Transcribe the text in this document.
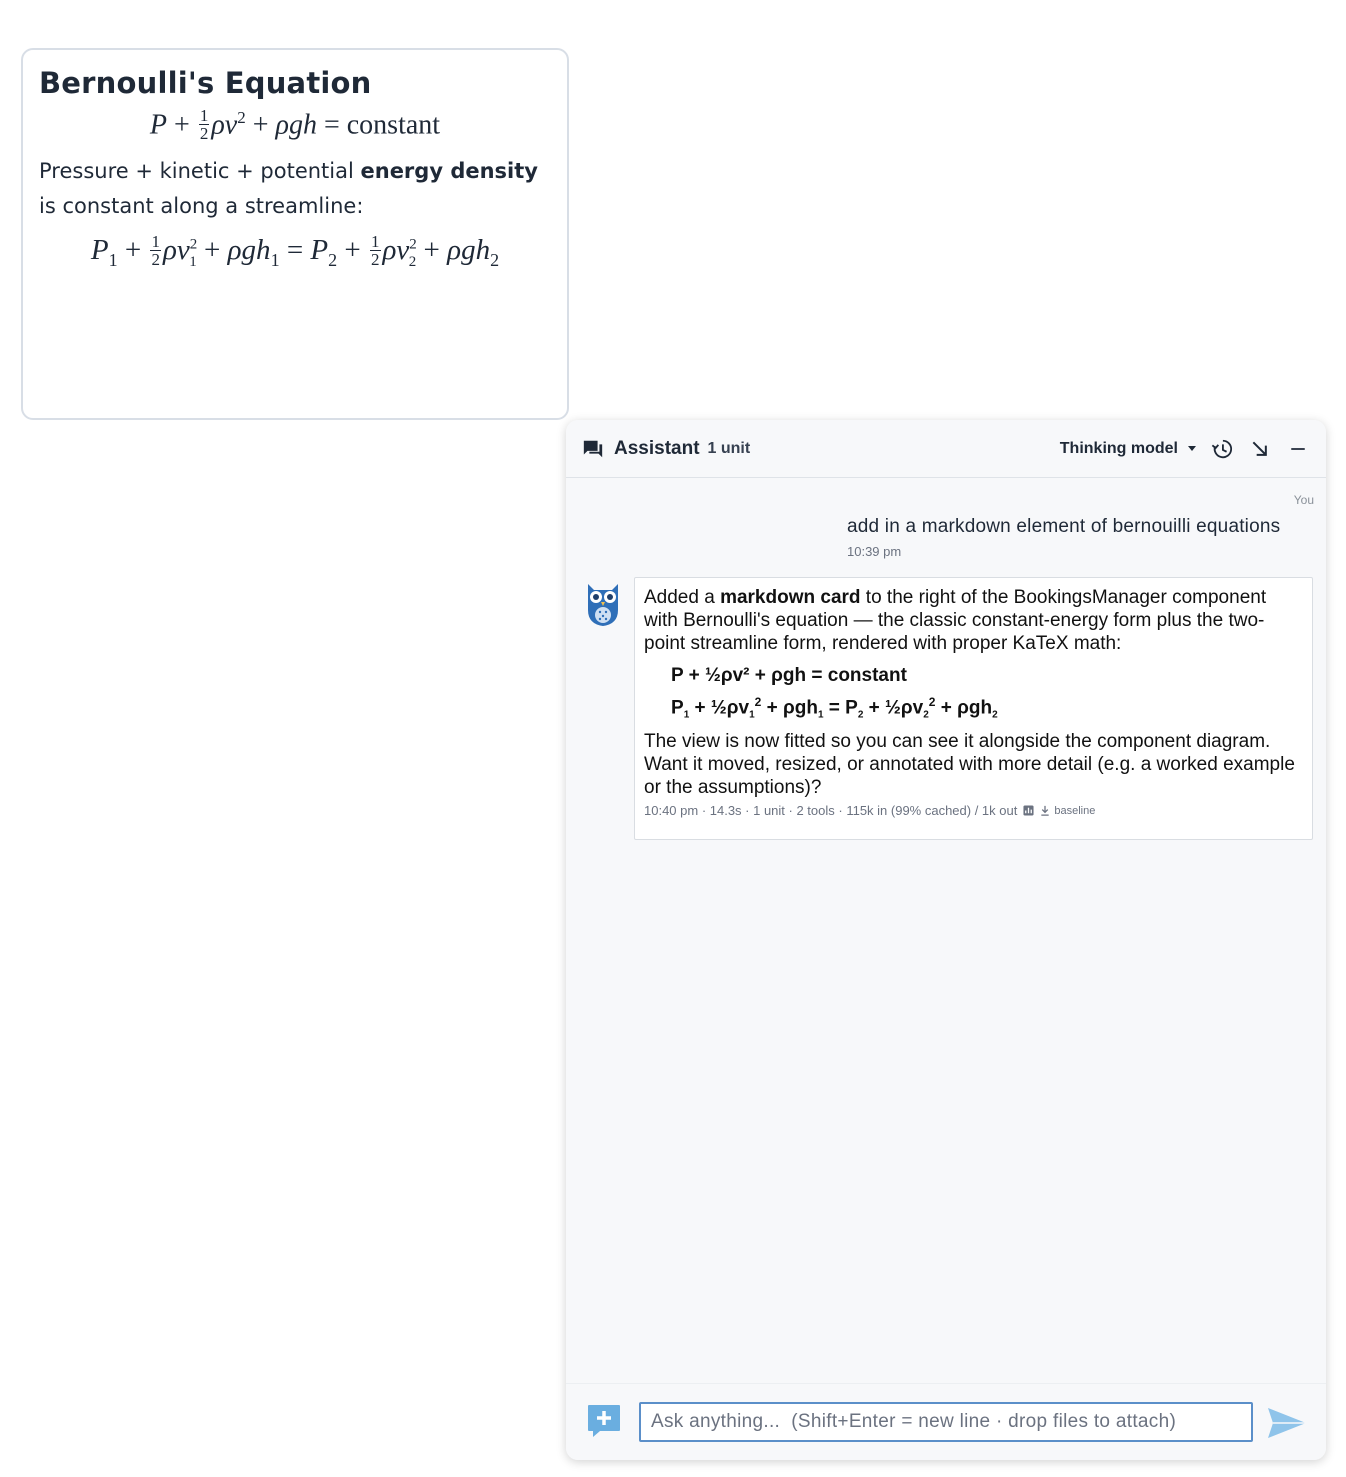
Bernoulli's Equation
$P + \frac{1}{2} \rho v^2 + \rho gh$ = constant
Pressure + kinetic + potential energy density is constant along a streamline:
$P_1 + \frac{1}{2} \rho v^2_1 + \rho gh_1 = P_2 + \frac{1}{2} \rho v^2_2 + \rho gh_2$
Assistant 1 unit	Thinking model
You
add in a markdown element of bernouilli equations
10:39 pm
Added a markdown card to the right of the BookingsManager component with Bernoulli's equation — the classic constant-energy form plus the two-point streamline form, rendered with proper KaTeX math:
P + ½ρv² + ρgh = constant
$P_1$ + $\frac{1}{2}\rho v_1^2 + \rho gh_1 = P_2$ + $\frac{1}{2}\rho v_2^2 + \rho gh_2$
The view is now fitted so you can see it alongside the component diagram. Want it moved, resized, or annotated with more detail (e.g. a worked example or the assumptions)?
10:40 pm · 14.3s · 1 unit · 2 tools · 115k in (99% cached) / 1k out	baseline
Ask anything... (Shift+Enter = new line · drop files to attach)
